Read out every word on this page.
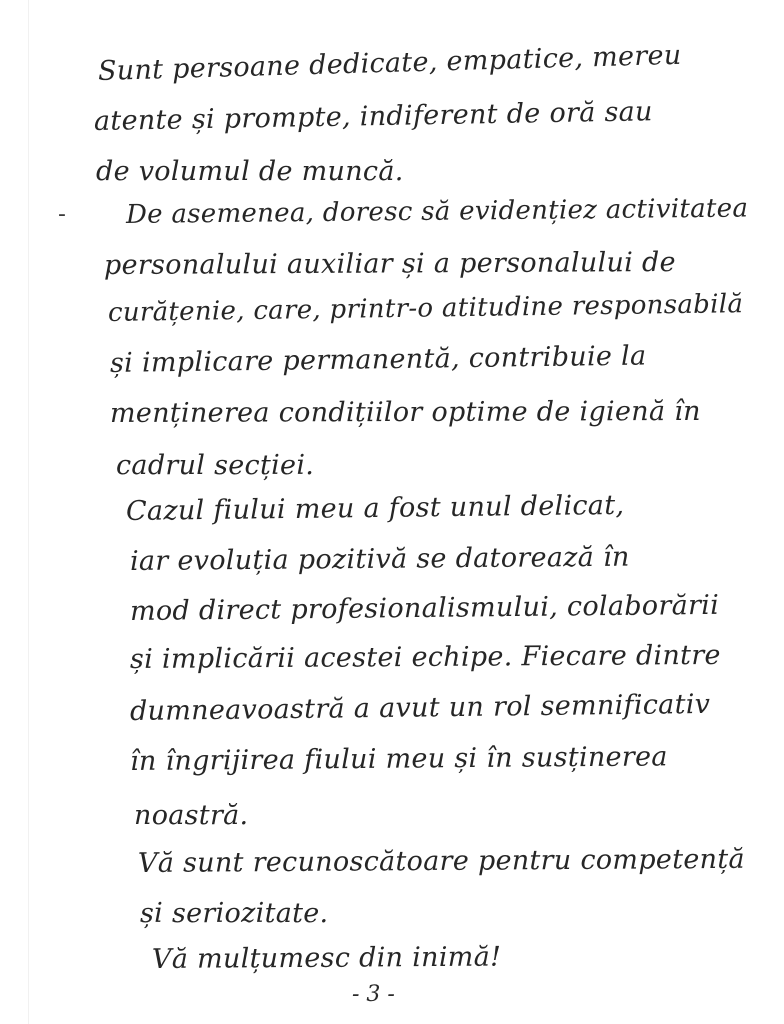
Sunt persoane dedicate, empatice, mereu
atente și prompte, indiferent de oră sau
de volumul de muncă.
- De asemenea, doresc să evidențiez activitatea
personalului auxiliar și a personalului de
curățenie, care, printr-o atitudine responsabilă
și implicare permanentă, contribuie la
menținerea condițiilor optime de igienă în
cadrul secției.
Cazul fiului meu a fost unul delicat,
iar evoluția pozitivă se datorează în
mod direct profesionalismului, colaborării
și implicării acestei echipe. Fiecare dintre
dumneavoastră a avut un rol semnificativ
în îngrijirea fiului meu și în susținerea
noastră.
Vă sunt recunoscătoare pentru competență
și seriozitate.
Vă mulțumesc din inimă!
- 3 -
